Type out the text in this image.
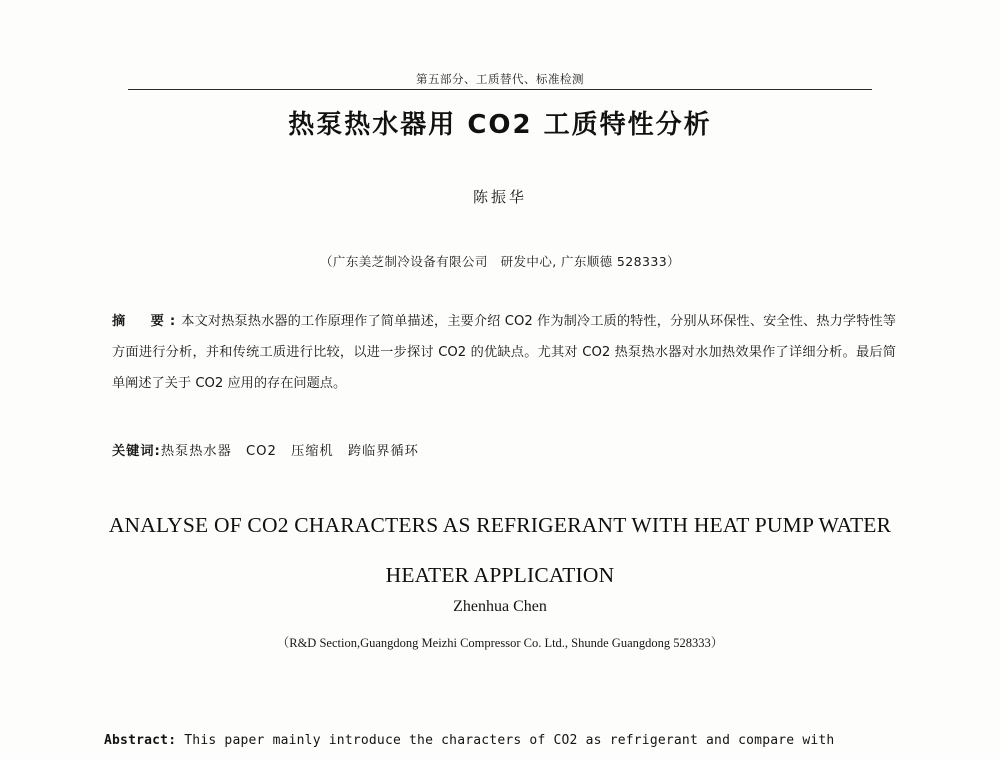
第五部分、工质替代、标准检测
热泵热水器用 CO2 工质特性分析
陈振华
（广东美芝制冷设备有限公司　研发中心, 广东顺德 528333）
摘　要:本文对热泵热水器的工作原理作了简单描述，主要介绍 CO2 作为制冷工质的特性，分别从环保性、安全性、热力学特性等方面进行分析，并和传统工质进行比较，以进一步探讨 CO2 的优缺点。尤其对 CO2 热泵热水器对水加热效果作了详细分析。最后简单阐述了关于 CO2 应用的存在问题点。
关键词:热泵热水器　CO2　压缩机　跨临界循环
ANALYSE OF CO2 CHARACTERS AS REFRIGERANT WITH HEAT PUMP WATER
HEATER APPLICATION
Zhenhua Chen
（R&D Section,Guangdong Meizhi Compressor Co. Ltd., Shunde Guangdong 528333）
Abstract: This paper mainly introduce the characters of CO2 as refrigerant and compare with
